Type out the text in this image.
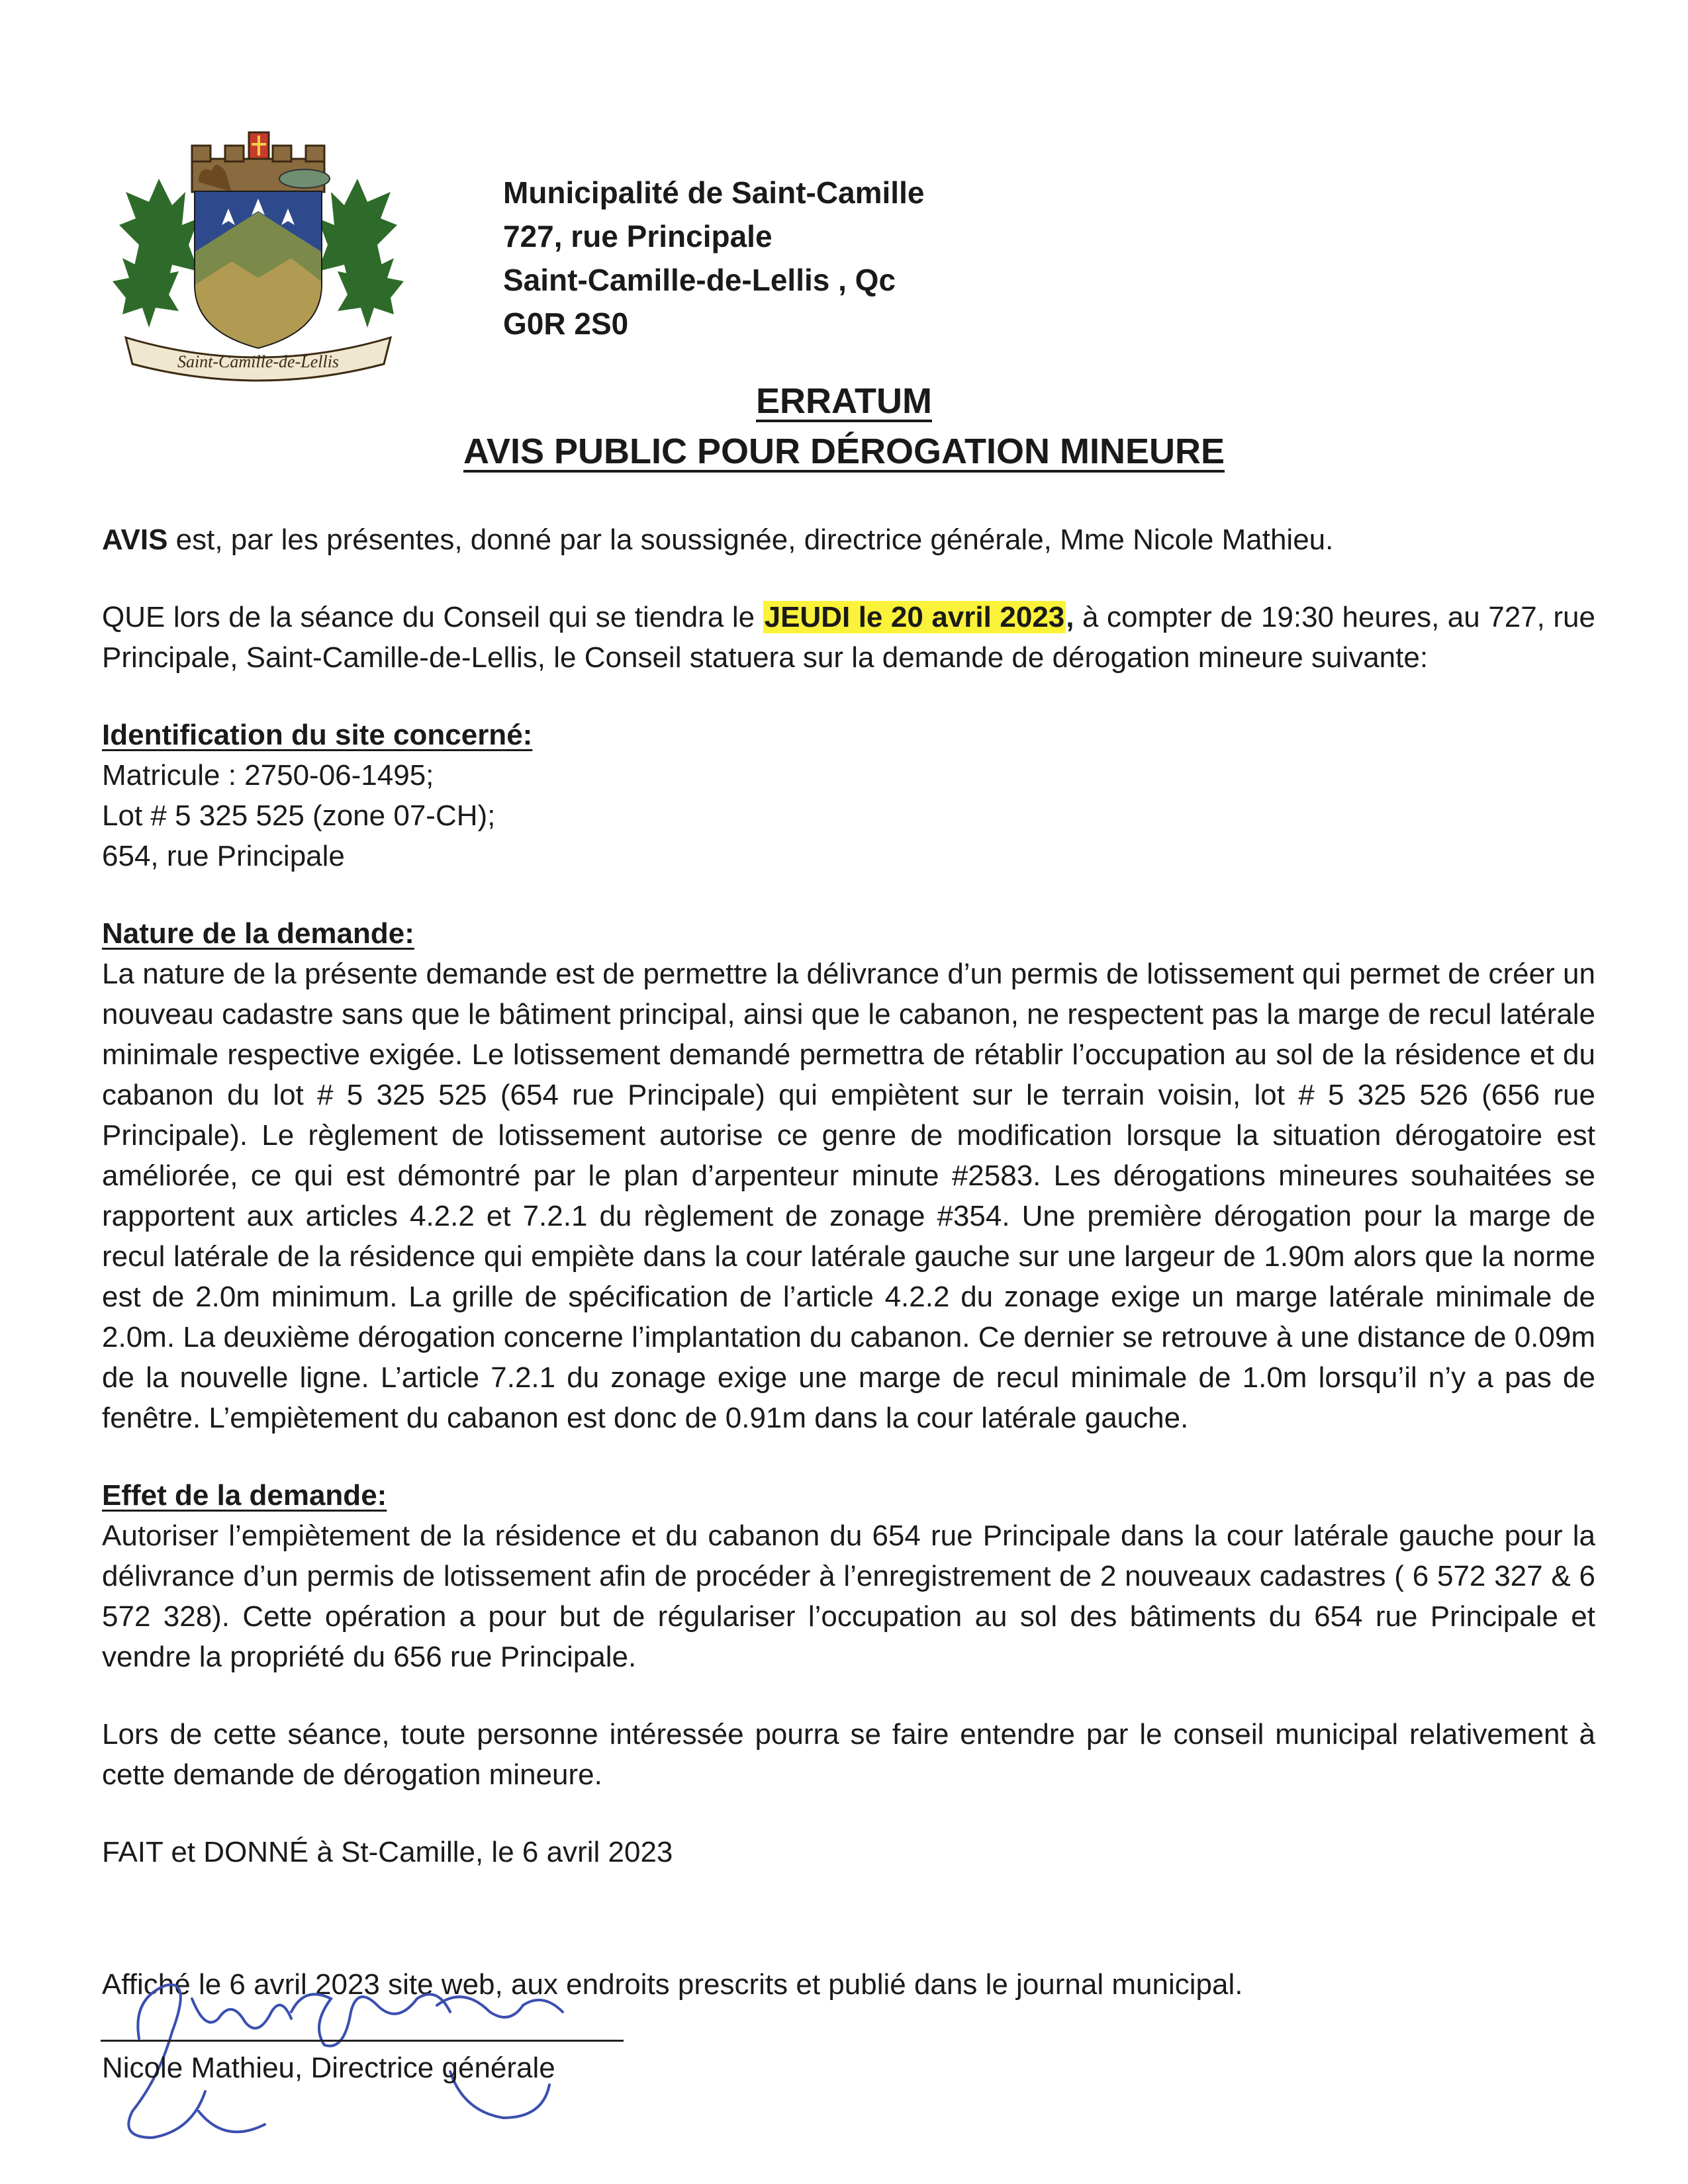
Saint-Camille-de-Lellis
Municipalité de Saint-Camille
727, rue Principale
Saint-Camille-de-Lellis , Qc
G0R 2S0
ERRATUM
AVIS PUBLIC POUR DÉROGATION MINEURE

AVIS est, par les présentes, donné par la soussignée, directrice générale, Mme Nicole Mathieu.

QUE lors de la séance du Conseil qui se tiendra le JEUDI le 20 avril 2023, à compter de 19:30 heures, au 727, rue Principale, Saint-Camille-de-Lellis, le Conseil statuera sur la demande de dérogation mineure suivante:

Identification du site concerné:

Matricule : 2750-06-1495;

Lot # 5 325 525 (zone 07-CH);

654, rue Principale

Nature de la demande:

La nature de la présente demande est de permettre la délivrance d’un permis de lotissement qui permet de créer un nouveau cadastre sans que le bâtiment principal, ainsi que le cabanon, ne respectent pas la marge de recul latérale minimale respective exigée. Le lotissement demandé permettra de rétablir l’occupation au sol de la résidence et du cabanon du lot # 5 325 525 (654 rue Principale) qui empiètent sur le terrain voisin, lot # 5 325 526 (656 rue Principale). Le règlement de lotissement autorise ce genre de modification lorsque la situation dérogatoire est améliorée, ce qui est démontré par le plan d’arpenteur minute #2583. Les dérogations mineures souhaitées se rapportent aux articles 4.2.2 et 7.2.1 du règlement de zonage #354. Une première dérogation pour la marge de recul latérale de la résidence qui empiète dans la cour latérale gauche sur une largeur de 1.90m alors que la norme est de 2.0m minimum. La grille de spécification de l’article 4.2.2 du zonage exige un marge latérale minimale de 2.0m. La deuxième dérogation concerne l’implantation du cabanon. Ce dernier se retrouve à une distance de 0.09m de la nouvelle ligne. L’article 7.2.1 du zonage exige une marge de recul minimale de 1.0m lorsqu’il n’y a pas de fenêtre. L’empiètement du cabanon est donc de 0.91m dans la cour latérale gauche.

Effet de la demande:

Autoriser l’empiètement de la résidence et du cabanon du 654 rue Principale dans la cour latérale gauche pour la délivrance d’un permis de lotissement afin de procéder à l’enregistrement de 2 nouveaux cadastres ( 6 572 327 & 6 572 328). Cette opération a pour but de régulariser l’occupation au sol des bâtiments du 654 rue Principale et vendre la propriété du 656 rue Principale.

Lors de cette séance, toute personne intéressée pourra se faire entendre par le conseil municipal relativement à cette demande de dérogation mineure.

FAIT et DONNÉ à St-Camille, le 6 avril 2023

Affiché le 6 avril 2023 site web, aux endroits prescrits et publié dans le journal municipal.
Nicole Mathieu, Directrice générale
